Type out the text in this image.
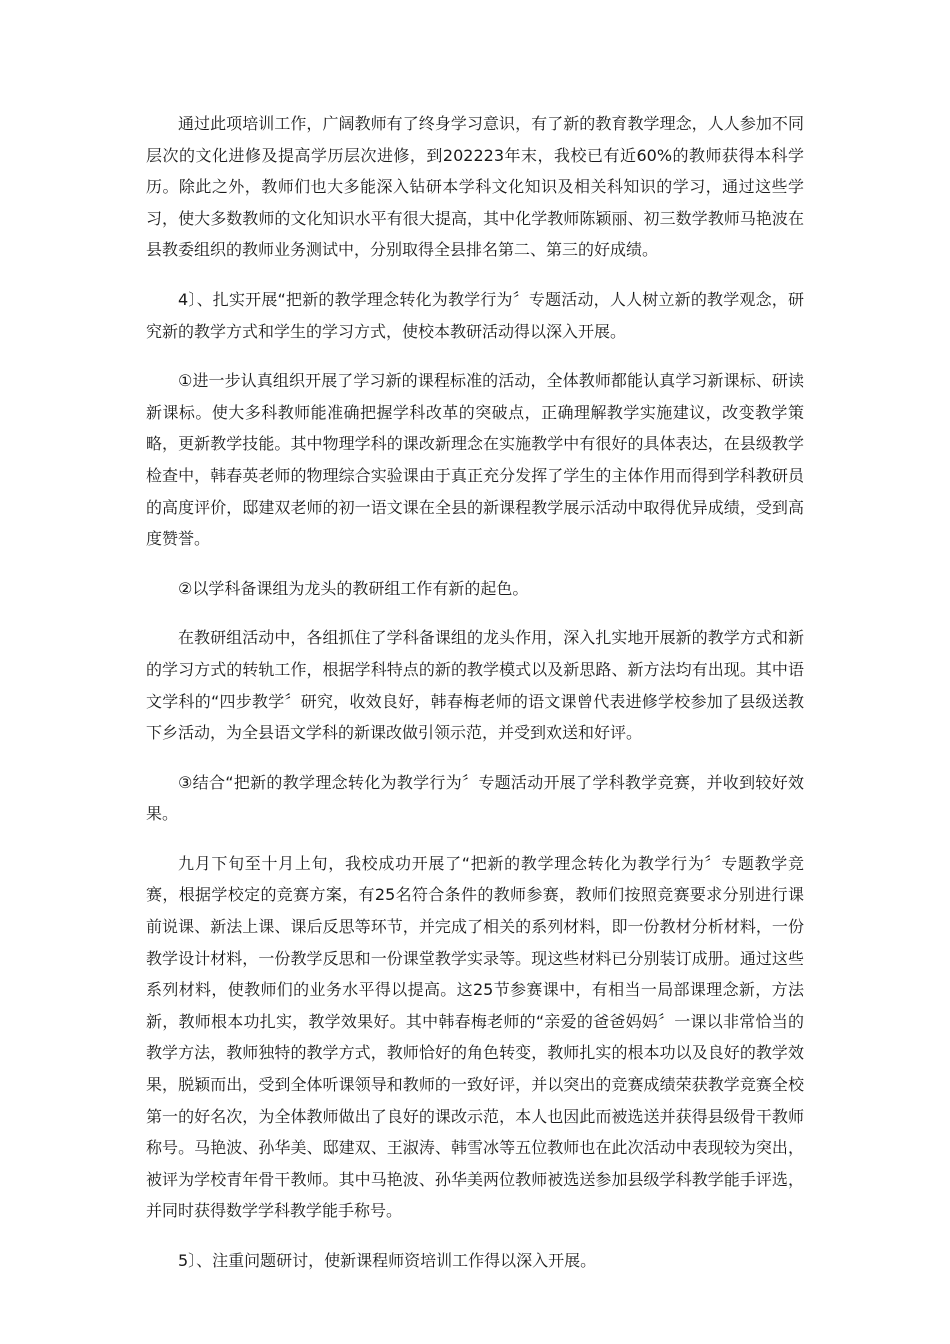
通过此项培训工作，广阔教师有了终身学习意识，有了新的教育教学理念，人人参加不同层次的文化进修及提高学历层次进修，到202223年末，我校已有近60%的教师获得本科学历。除此之外，教师们也大多能深入钻研本学科文化知识及相关科知识的学习，通过这些学习，使大多数教师的文化知识水平有很大提高，其中化学教师陈颖丽、初三数学教师马艳波在县教委组织的教师业务测试中，分别取得全县排名第二、第三的好成绩。

4〕、扎实开展“把新的教学理念转化为教学行为〞专题活动，人人树立新的教学观念，研究新的教学方式和学生的学习方式，使校本教研活动得以深入开展。

①进一步认真组织开展了学习新的课程标准的活动，全体教师都能认真学习新课标、研读新课标。使大多科教师能准确把握学科改革的突破点，正确理解教学实施建议，改变教学策略，更新教学技能。其中物理学科的课改新理念在实施教学中有很好的具体表达，在县级教学检查中，韩春英老师的物理综合实验课由于真正充分发挥了学生的主体作用而得到学科教研员的高度评价，邸建双老师的初一语文课在全县的新课程教学展示活动中取得优异成绩，受到高度赞誉。

②以学科备课组为龙头的教研组工作有新的起色。

在教研组活动中，各组抓住了学科备课组的龙头作用，深入扎实地开展新的教学方式和新的学习方式的转轨工作，根据学科特点的新的教学模式以及新思路、新方法均有出现。其中语文学科的“四步教学〞研究，收效良好，韩春梅老师的语文课曾代表进修学校参加了县级送教下乡活动，为全县语文学科的新课改做引领示范，并受到欢送和好评。

③结合“把新的教学理念转化为教学行为〞专题活动开展了学科教学竞赛，并收到较好效果。

九月下旬至十月上旬，我校成功开展了“把新的教学理念转化为教学行为〞专题教学竞赛，根据学校定的竞赛方案，有25名符合条件的教师参赛，教师们按照竞赛要求分别进行课前说课、新法上课、课后反思等环节，并完成了相关的系列材料，即一份教材分析材料，一份教学设计材料，一份教学反思和一份课堂教学实录等。现这些材料已分别装订成册。通过这些系列材料，使教师们的业务水平得以提高。这25节参赛课中，有相当一局部课理念新，方法新，教师根本功扎实，教学效果好。其中韩春梅老师的“亲爱的爸爸妈妈〞一课以非常恰当的教学方法，教师独特的教学方式，教师恰好的角色转变，教师扎实的根本功以及良好的教学效果，脱颖而出，受到全体听课领导和教师的一致好评，并以突出的竞赛成绩荣获教学竞赛全校第一的好名次，为全体教师做出了良好的课改示范，本人也因此而被选送并获得县级骨干教师称号。马艳波、孙华美、邸建双、王淑涛、韩雪冰等五位教师也在此次活动中表现较为突出，被评为学校青年骨干教师。其中马艳波、孙华美两位教师被选送参加县级学科教学能手评选，并同时获得数学学科教学能手称号。

5〕、注重问题研讨，使新课程师资培训工作得以深入开展。
